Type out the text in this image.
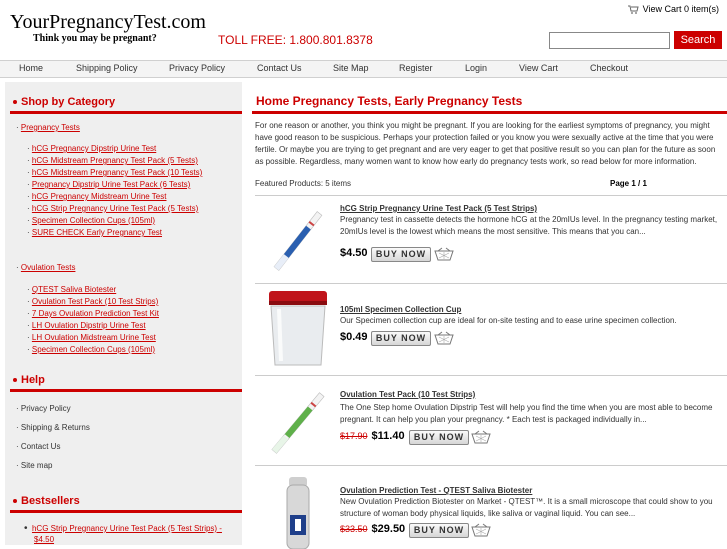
YourPregnancyTest.com
Think you may be pregnant?	TOLL FREE: 1.800.801.8378
View Cart 0 item(s)
Search
Home	Shipping Policy	Privacy Policy	Contact Us	Site Map	Register	Login	View Cart	Checkout
Shop by Category
· Pregnancy Tests
· hCG Pregnancy Dipstrip Urine Test
· hCG Midstream Pregnancy Test Pack (5 Tests)
· hCG Midstream Pregnancy Test Pack (10 Tests)
· Pregnancy Dipstrip Urine Test Pack (6 Tests)
· hCG Pregnancy Midstream Urine Test
· hCG Strip Pregnancy Urine Test Pack (5 Tests)
· Specimen Collection Cups (105ml)
· SURE CHECK Early Pregnancy Test
· Ovulation Tests
· QTEST Saliva Biotester
· Ovulation Test Pack (10 Test Strips)
· 7 Days Ovulation Prediction Test Kit
· LH Ovulation Dipstrip Urine Test
· LH Ovulation Midstream Urine Test
· Specimen Collection Cups (105ml)
Help
· Privacy Policy
· Shipping & Returns
· Contact Us
· Site map
Bestsellers
• hCG Strip Pregnancy Urine Test Pack (5 Test Strips) -
$4.50
Home Pregnancy Tests, Early Pregnancy Tests
For one reason or another, you think you might be pregnant. If you are looking for the earliest symptoms of pregnancy, you might have good reason to be suspicious. Perhaps your protection failed or you know you were sexually active at the time that you were fertile. Or maybe you are trying to get pregnant and are very eager to get that positive result so you can plan for the future as soon as possible. Regardless, many women want to know how early do pregnancy tests work, so read below for more information.
Featured Products: 5 items	Page 1 / 1
hCG Strip Pregnancy Urine Test Pack (5 Test Strips)
Pregnancy test in cassette detects the hormone hCG at the 20mIUs level. In the pregnancy testing market, 20mIUs level is the lowest which means the most sensitive. This means that you can...
$4.50 BUY NOW
105ml Specimen Collection Cup
Our Specimen collection cup are ideal for on-site testing and to ease urine specimen collection.
$0.49 BUY NOW
Ovulation Test Pack (10 Test Strips)
The One Step home Ovulation Dipstrip Test will help you find the time when you are most able to become pregnant. It can help you plan your pregnancy. * Each test is packaged individually in...
$17.90 $11.40	BUY NOW
Ovulation Prediction Test - QTEST Saliva Biotester
New Ovulation Prediction Biotester on Market - QTEST™. It is a small microscope that could show to you structure of woman body physical liquids, like saliva or vaginal liquid. You can see...
$33.50 $29.50 BUY NOW
